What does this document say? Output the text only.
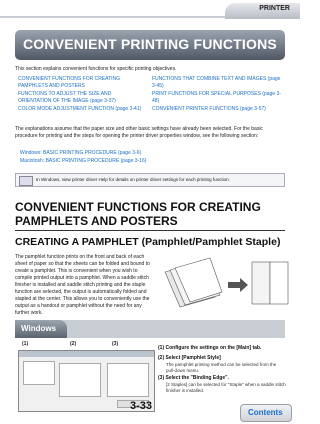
PRINTER
CONVENIENT PRINTING FUNCTIONS
This section explains convenient functions for specific printing objectives.
CONVENIENT FUNCTIONS FOR CREATING PAMPHLETS AND POSTERS
FUNCTIONS TO ADJUST THE SIZE AND ORIENTATION OF THE IMAGE (page 3-37)
COLOR MODE ADJUSTMENT FUNCTION (page 3-41)
FUNCTIONS THAT COMBINE TEXT AND IMAGES (page 3-45)
PRINT FUNCTIONS FOR SPECIAL PURPOSES (page 3-48)
CONVENIENT PRINTER FUNCTIONS (page 3-57)
The explanations assume that the paper size and other basic settings have already been selected. For the basic procedure for printing and the steps for opening the printer driver properties window, see the following section:
Windows: BASIC PRINTING PROCEDURE (page 3-6)
Macintosh: BASIC PRINTING PROCEDURE (page 3-16)
In Windows, view printer driver Help for details on printer driver settings for each printing function.
CONVENIENT FUNCTIONS FOR CREATING
PAMPHLETS AND POSTERS
CREATING A PAMPHLET (Pamphlet/Pamphlet Staple)
The pamphlet function prints on the front and back of each sheet of paper so that the sheets can be folded and bound to create a pamphlet. This is convenient when you wish to compile printed output into a pamphlet. When a saddle stitch finisher is installed and saddle stitch printing and the staple function are selected, the output is automatically folded and stapled at the center. This allows you to conveniently use the output as a handout or pamphlet without the need for any further work.
Windows
(1)	(2)	(3)
(1) Configure the settings on the [Main] tab.
(2) Select [Pamphlet Style]
The pamphlet printing method can be selected from the pull-down menu.
(3) Select the "Binding Edge".
[2 Staples] can be selected for "Staple" when a saddle stitch finisher is installed.
3-33
Contents
